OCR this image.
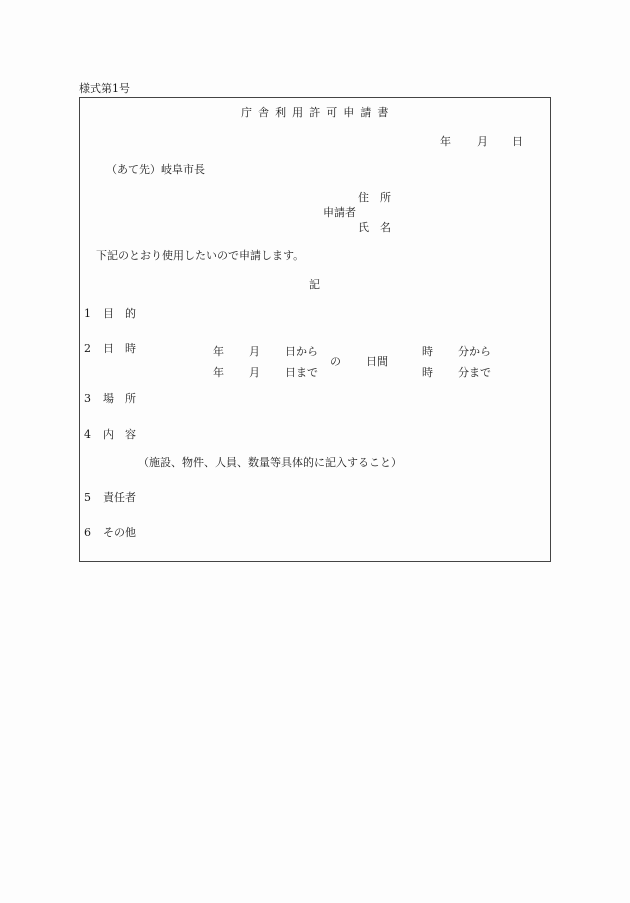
様式第1号
庁舎利用許可申請書
年 月 日
（あて先）岐阜市長
住　所
申請者
氏　名
下記のとおり使用したいので申請します。
記
1 目　的
2 日　時	年 月 日から
年 月 日まで
の 日間
時 分から
時 分まで
3 場　所
4 内　容
（施設、物件、人員、数量等具体的に記入すること）
5 責任者
6 その他
